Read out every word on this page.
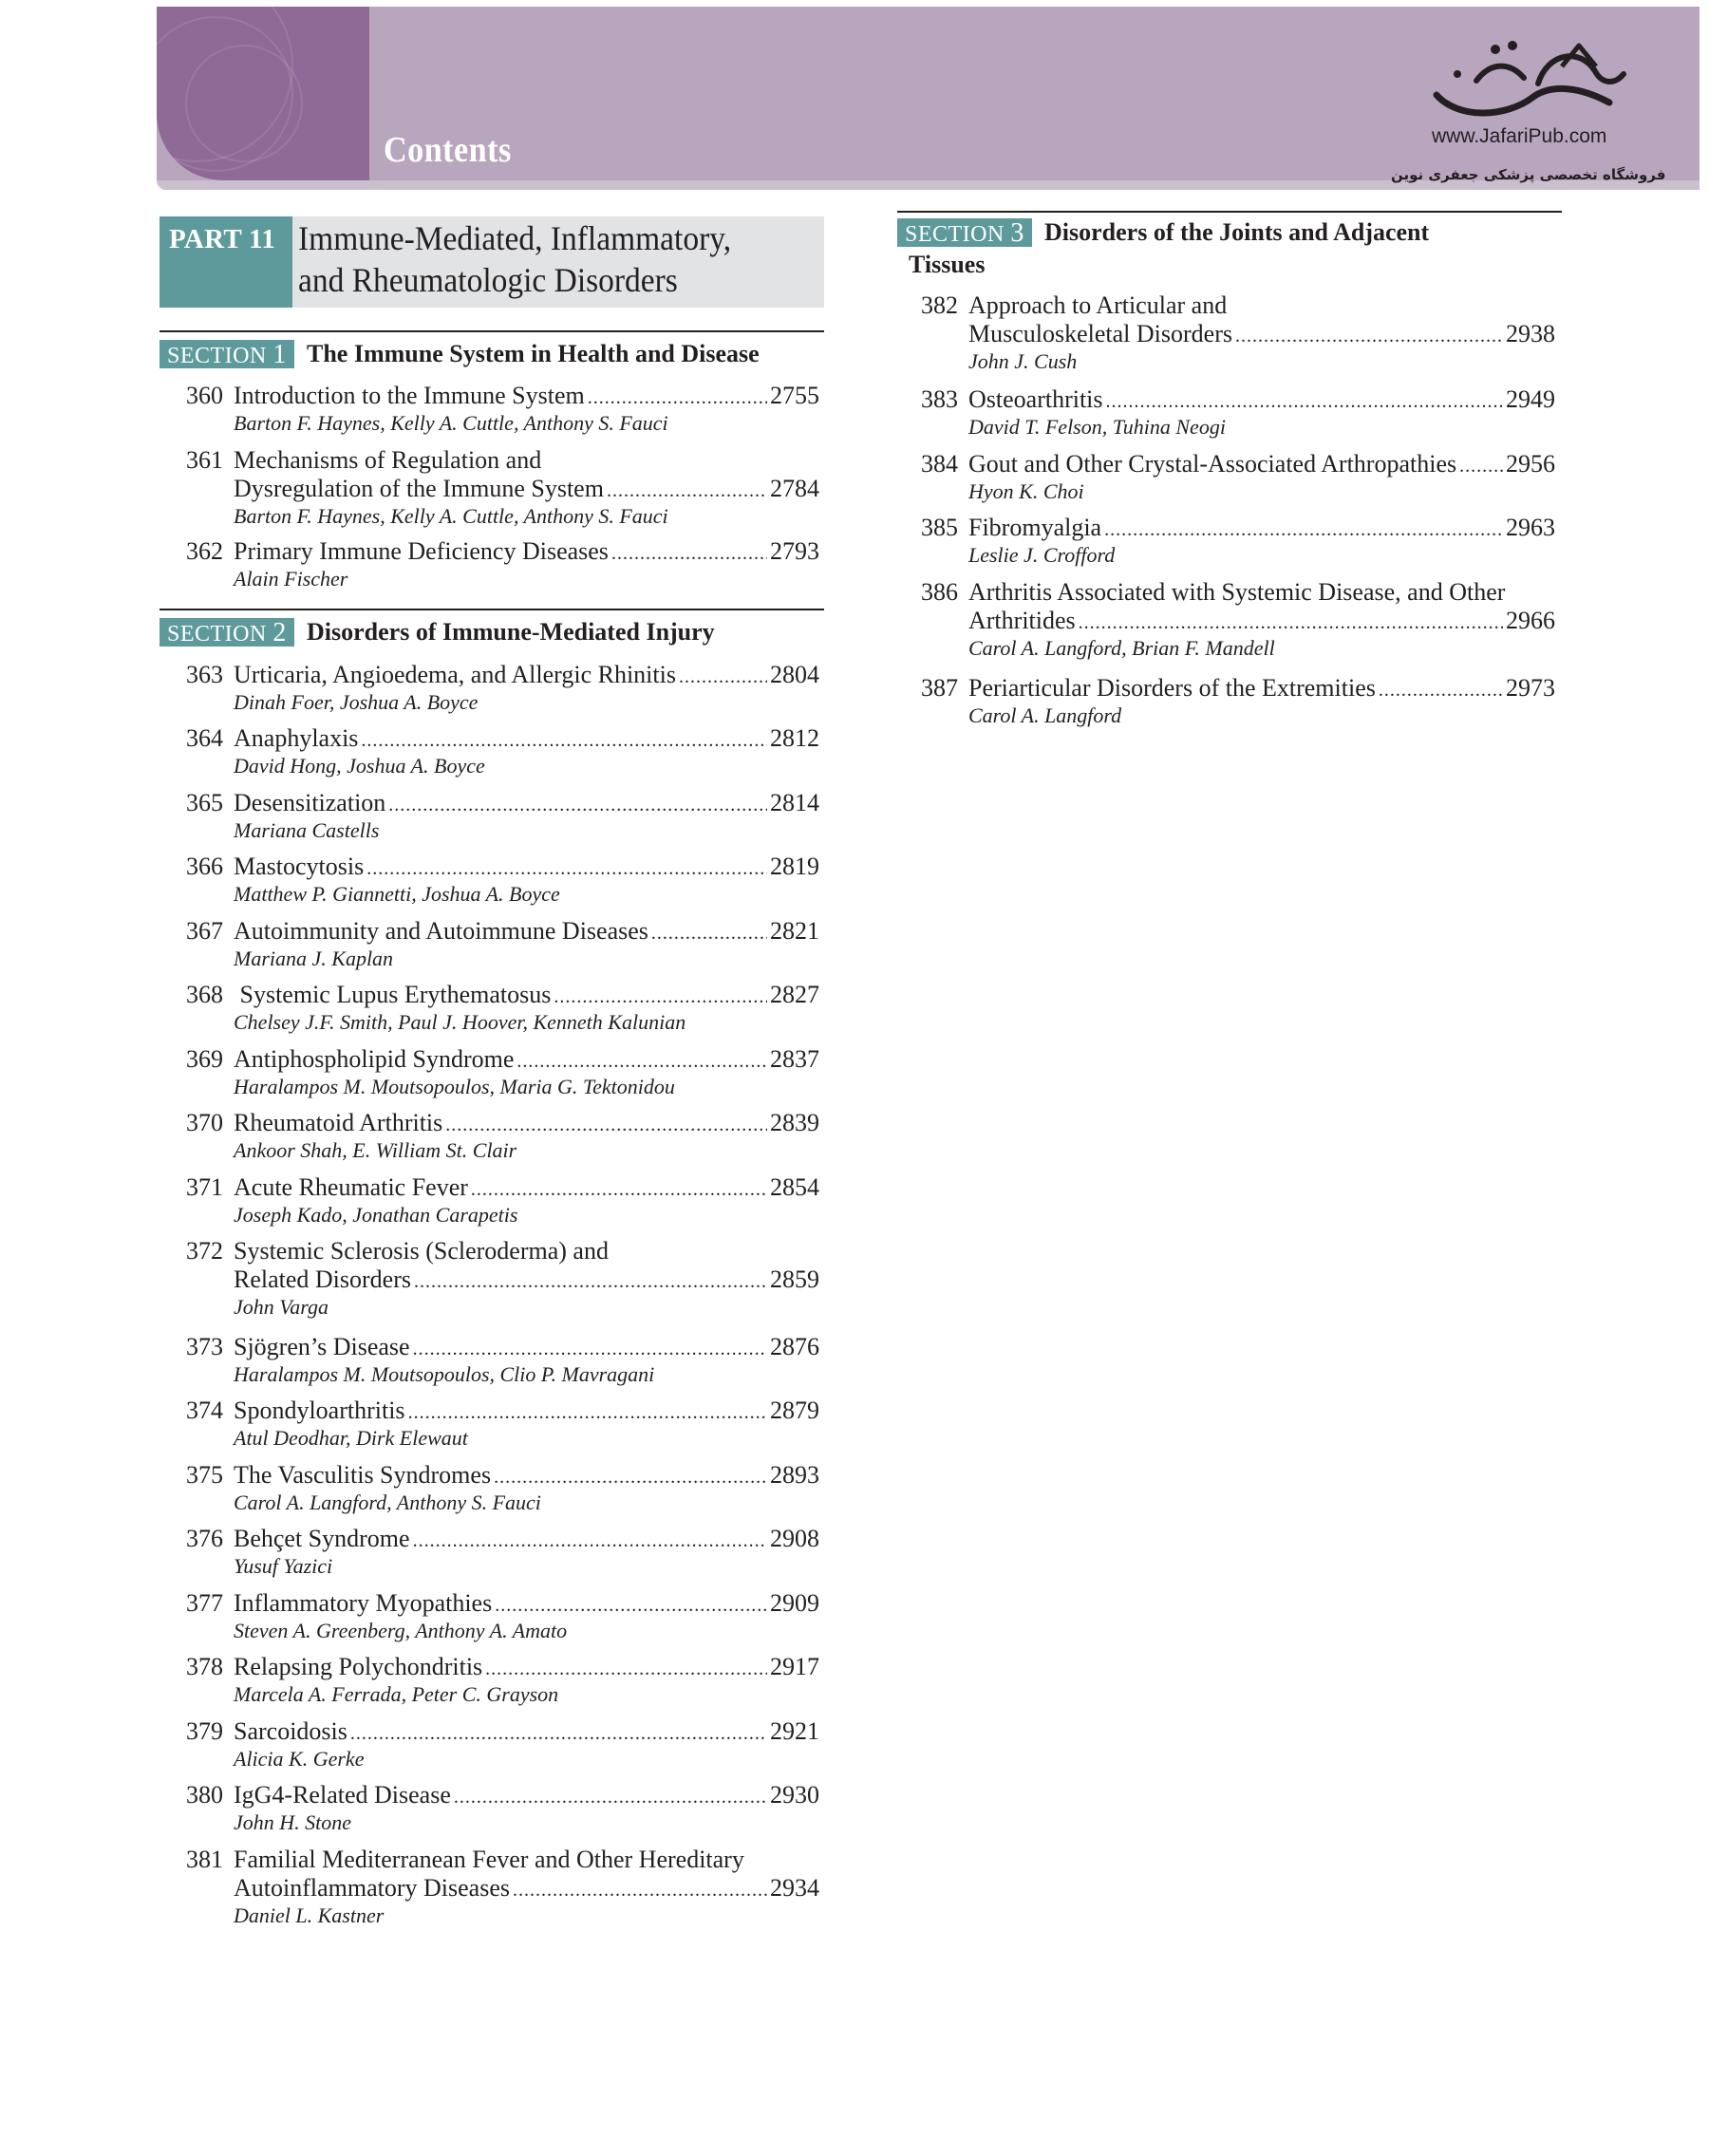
Contents	www.JafariPub.com
فروشگاه تخصصی پزشکی جعفری نوین
PART 11 Immune-Mediated, Inflammatory, and Rheumatologic Disorders
SECTION 1 The Immune System in Health and Disease
SECTION 2 Disorders of Immune-Mediated Injury
SECTION 3 Disorders of the Joints and Adjacent
Tissues
360 Introduction to the Immune System .....	2755
Barton F. Haynes, Kelly A. Cuttle, Anthony S. Fauci
361 Mechanisms of Regulation and
Dysregulation of the Immune System .....	2784
Barton F. Haynes, Kelly A. Cuttle, Anthony S. Fauci
362 Primary Immune Deficiency Diseases .....	2793
Alain Fischer
363 Urticaria, Angioedema, and Allergic Rhinitis .....	2804
Dinah Foer, Joshua A. Boyce
364 Anaphylaxis .....	2812
David Hong, Joshua A. Boyce
365 Desensitization .....	2814
Mariana Castells
366 Mastocytosis .....	2819
Matthew P. Giannetti, Joshua A. Boyce
367 Autoimmunity and Autoimmune Diseases .....	2821
Mariana J. Kaplan
368 Systemic Lupus Erythematosus .....	2827
Chelsey J.F. Smith, Paul J. Hoover, Kenneth Kalunian
369 Antiphospholipid Syndrome .....	2837
Haralampos M. Moutsopoulos, Maria G. Tektonidou
370 Rheumatoid Arthritis .....	2839
Ankoor Shah, E. William St. Clair
371 Acute Rheumatic Fever .....	2854
Joseph Kado, Jonathan Carapetis
372 Systemic Sclerosis (Scleroderma) and
Related Disorders .....	2859
John Varga
373 Sjögren’s Disease .....	2876
Haralampos M. Moutsopoulos, Clio P. Mavragani
374 Spondyloarthritis .....	2879
Atul Deodhar, Dirk Elewaut
375 The Vasculitis Syndromes .....	2893
Carol A. Langford, Anthony S. Fauci
376 Behçet Syndrome .....	2908
Yusuf Yazici
377 Inflammatory Myopathies .....	2909
Steven A. Greenberg, Anthony A. Amato
378 Relapsing Polychondritis .....	2917
Marcela A. Ferrada, Peter C. Grayson
379 Sarcoidosis .....	2921
Alicia K. Gerke
380 IgG4-Related Disease .....	2930
John H. Stone
381 Familial Mediterranean Fever and Other Hereditary
Autoinflammatory Diseases .....	2934
Daniel L. Kastner
382 Approach to Articular and
Musculoskeletal Disorders .....	2938
John J. Cush
383 Osteoarthritis .....	2949
David T. Felson, Tuhina Neogi
384 Gout and Other Crystal-Associated Arthropathies ..... 2956
Hyon K. Choi
385 Fibromyalgia .....	2963
Leslie J. Crofford
386 Arthritis Associated with Systemic Disease, and Other
Arthritides .....	2966
Carol A. Langford, Brian F. Mandell
387 Periarticular Disorders of the Extremities .....	2973
Carol A. Langford
